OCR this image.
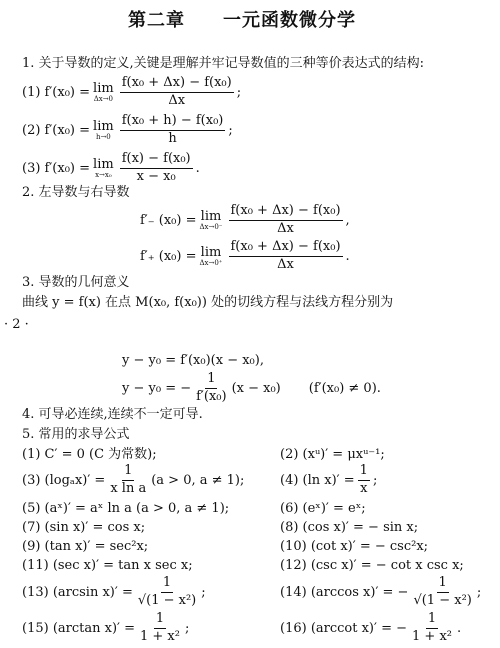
第二章　　一元函数微分学
1. 关于导数的定义,关键是理解并牢记导数值的三种等价表达式的结构:
(1) f′(x₀) = lim
$\Delta x\to 0 \frac{\text{f(x₀ + Δx) − f(x₀)}}{\Delta x}$ ;
(2) f′(x₀) = lim
$h\to 0 \frac{\text{f(x₀ + h) − f(x₀)}}{h}$ ;
(3) f′(x₀) = lim
$x\to x_0 \frac{\text{f(x) − f(x₀)}}{\text{x − x₀}}$ .
2. 左导数与右导数
f′₋ (x₀) = lim
$\Delta x\to 0^- \frac{\text{f(x₀ + Δx) − f(x₀)}}{\Delta x}$ ,
f′₊ (x₀) = lim
$\Delta x\to 0^+ \frac{\text{f(x₀ + Δx) − f(x₀)}}{\Delta x}$ .
3. 导数的几何意义
曲线 y = f(x) 在点 M(x₀, f(x₀)) 处的切线方程与法线方程分别为
· 2 ·
y − y₀ = f′(x₀)(x − x₀),
y − y₀ = − $\frac{1}{\text{f′(x₀)}} (x - x_0) (f'(x_0) \ne 0)$.
4. 可导必连续,连续不一定可导.
5. 常用的求导公式
(1) C′ = 0 (C 为常数);	(2) (xᵘ)′ = μxᵘ⁻¹;
(3) $(\log_ax)' = \frac{1}{\text{x ln a}} (a > 0$, a ≠ 1);	(4) (ln $x)' = \frac{1}{x}$ ;
(5) (aˣ)′ = aˣ ln a (a > 0, a ≠ 1);	(6) (eˣ)′ = eˣ;
(7) (sin x)′ = cos x;	(8) (cos x)′ = − sin x;
(9) (tan x)′ = sec²x;	(10) (cot x)′ = − csc²x;
(11) (sec x)′ = tan x sec x;	(12) (csc x)′ = − cot x csc x;
(13) (arcsin $x)' = \frac{1}{\text{√(1 − x²)}}$ ;	(14) (arccos x)′ = − $\frac{1}{\text{√(1 − x²)}}$ ;
(15) (arctan $x)' = \frac{1}{\text{1 + x²}}$ ;	(16) (arccot x)′ = − $\frac{1}{\text{1 + x²}}$ .
